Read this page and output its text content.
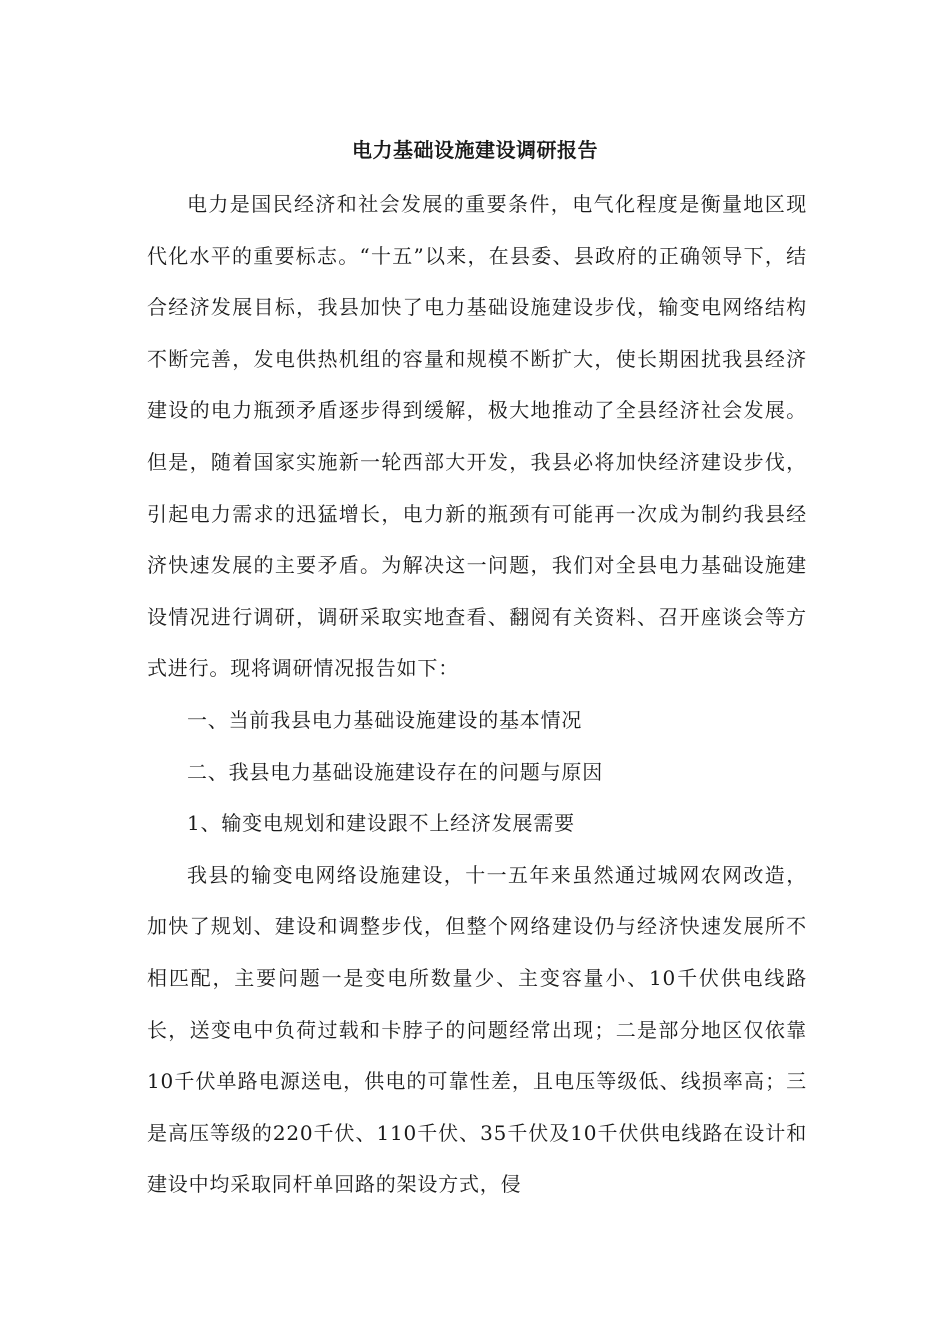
电力基础设施建设调研报告

电力是国民经济和社会发展的重要条件，电气化程度是衡量地区现代化水平的重要标志。“十五”以来，在县委、县政府的正确领导下，结合经济发展目标，我县加快了电力基础设施建设步伐，输变电网络结构不断完善，发电供热机组的容量和规模不断扩大，使长期困扰我县经济建设的电力瓶颈矛盾逐步得到缓解，极大地推动了全县经济社会发展。但是，随着国家实施新一轮西部大开发，我县必将加快经济建设步伐，引起电力需求的迅猛增长，电力新的瓶颈有可能再一次成为制约我县经济快速发展的主要矛盾。为解决这一问题，我们对全县电力基础设施建设情况进行调研，调研采取实地查看、翻阅有关资料、召开座谈会等方式进行。现将调研情况报告如下：

一、当前我县电力基础设施建设的基本情况

二、我县电力基础设施建设存在的问题与原因

1、输变电规划和建设跟不上经济发展需要

我县的输变电网络设施建设，十一五年来虽然通过城网农网改造，加快了规划、建设和调整步伐，但整个网络建设仍与经济快速发展所不相匹配，主要问题一是变电所数量少、主变容量小、10千伏供电线路长，送变电中负荷过载和卡脖子的问题经常出现；二是部分地区仅依靠10千伏单路电源送电，供电的可靠性差，且电压等级低、线损率高；三是高压等级的220千伏、110千伏、35千伏及10千伏供电线路在设计和建设中均采取同杆单回路的架设方式，侵
